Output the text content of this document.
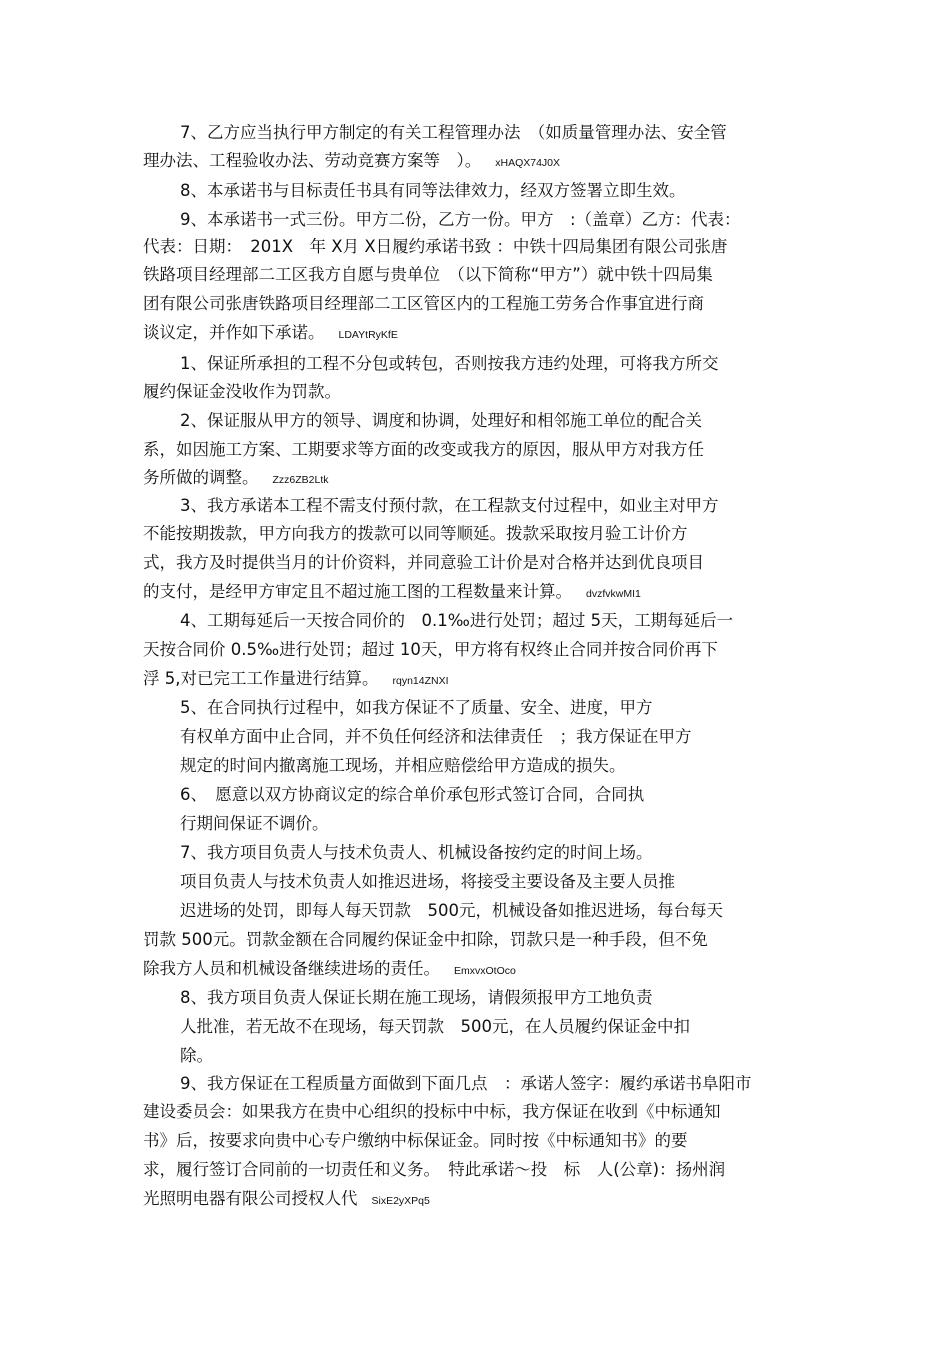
7、乙方应当执行甲方制定的有关工程管理办法　（如质量管理办法、安全管
理办法、工程验收办法、劳动竞赛方案等　）。 xHAQX74J0X
8、本承诺书与目标责任书具有同等法律效力，经双方签署立即生效。
9、本承诺书一式三份。甲方二份，乙方一份。甲方　:（盖章）乙方：代表：
代表：日期：　201X　年 X月 X日履约承诺书致 ：中铁十四局集团有限公司张唐
铁路项目经理部二工区我方自愿与贵单位　（以下简称“甲方”）就中铁十四局集
团有限公司张唐铁路项目经理部二工区管区内的工程施工劳务合作事宜进行商
谈议定，并作如下承诺。 LDAYtRyKfE
1、保证所承担的工程不分包或转包，否则按我方违约处理，可将我方所交
履约保证金没收作为罚款。
2、保证服从甲方的领导、调度和协调，处理好和相邻施工单位的配合关
系，如因施工方案、工期要求等方面的改变或我方的原因，服从甲方对我方任
务所做的调整。 Zzz6ZB2Ltk
3、我方承诺本工程不需支付预付款，在工程款支付过程中，如业主对甲方
不能按期拨款，甲方向我方的拨款可以同等顺延。拨款采取按月验工计价方
式，我方及时提供当月的计价资料，并同意验工计价是对合格并达到优良项目
的支付，是经甲方审定且不超过施工图的工程数量来计算。 dvzfvkwMI1
4、工期每延后一天按合同价的　0.1‰进行处罚；超过 5天，工期每延后一
天按合同价 0.5‰进行处罚；超过 10天，甲方将有权终止合同并按合同价再下
浮 5,对已完工工作量进行结算。 rqyn14ZNXI
5、在合同执行过程中，如我方保证不了质量、安全、进度，甲方
有权单方面中止合同，并不负任何经济和法律责任　；我方保证在甲方
规定的时间内撤离施工现场，并相应赔偿给甲方造成的损失。
6、　愿意以双方协商议定的综合单价承包形式签订合同，合同执
行期间保证不调价。
7、我方项目负责人与技术负责人、机械设备按约定的时间上场。
项目负责人与技术负责人如推迟进场，将接受主要设备及主要人员推
迟进场的处罚，即每人每天罚款　500元，机械设备如推迟进场，每台每天
罚款 500元。罚款金额在合同履约保证金中扣除，罚款只是一种手段，但不免
除我方人员和机械设备继续进场的责任。 EmxvxOtOco
8、我方项目负责人保证长期在施工现场，请假须报甲方工地负责
人批准，若无故不在现场，每天罚款　500元，在人员履约保证金中扣
除。
9、我方保证在工程质量方面做到下面几点　：承诺人签字：履约承诺书阜阳市
建设委员会：如果我方在贵中心组织的投标中中标，我方保证在收到《中标通知
书》后，按要求向贵中心专户缴纳中标保证金。同时按《中标通知书》的要
求，履行签订合同前的一切责任和义务。　特此承诺～投　标　人(公章)：扬州润
光照明电器有限公司授权人代 SixE2yXPq5
